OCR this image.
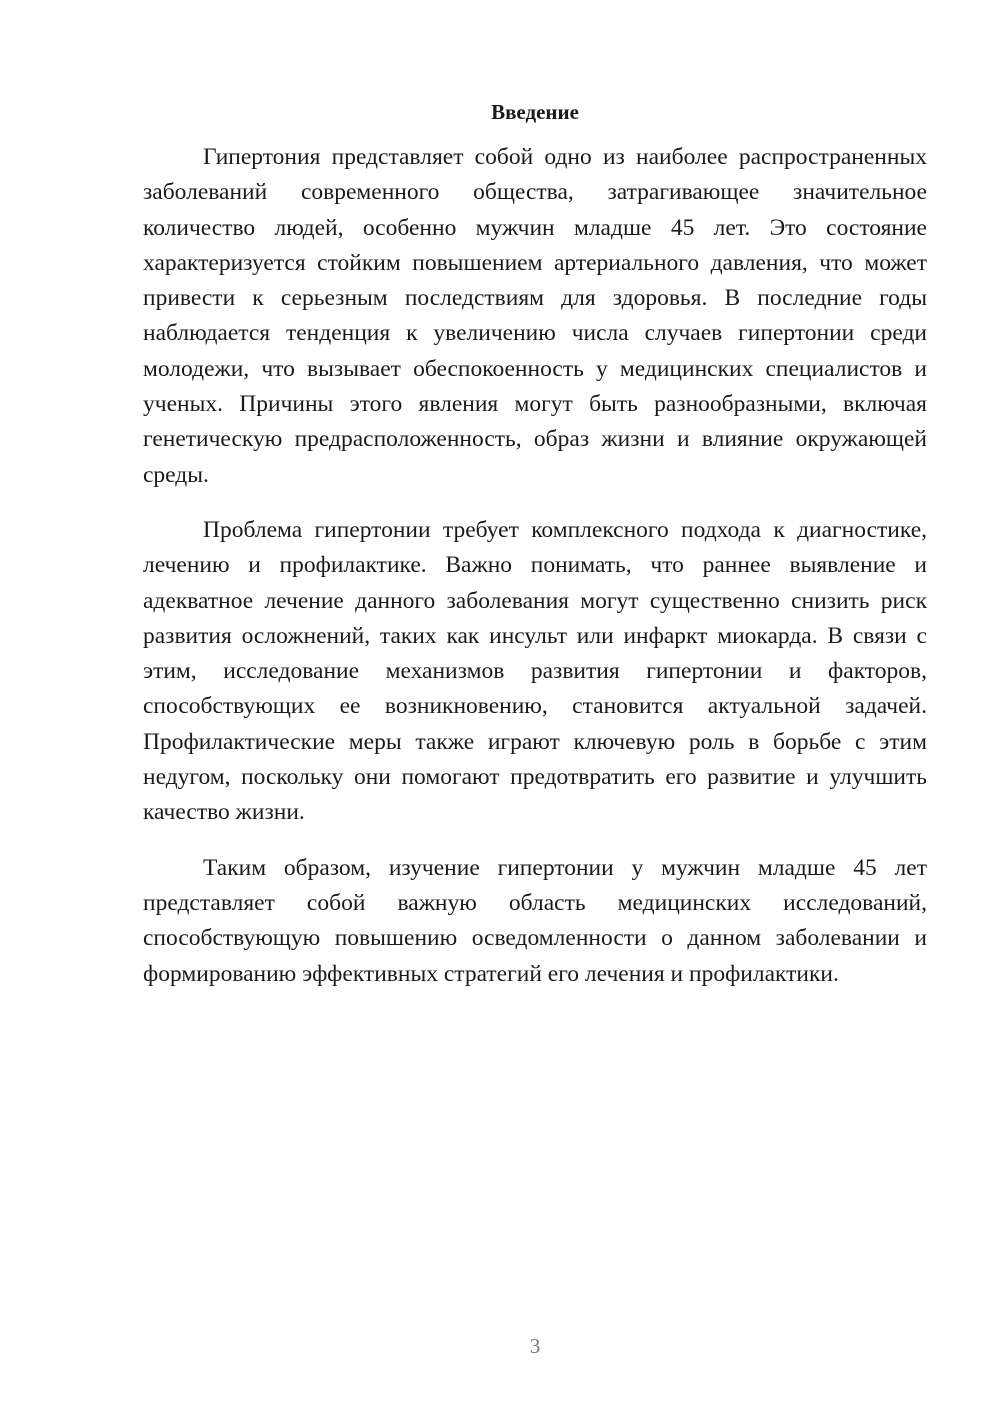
Введение

Гипертония представляет собой одно из наиболее распространенных заболеваний современного общества, затрагивающее значительное количество людей, особенно мужчин младше 45 лет. Это состояние характеризуется стойким повышением артериального давления, что может привести к серьезным последствиям для здоровья. В последние годы наблюдается тенденция к увеличению числа случаев гипертонии среди молодежи, что вызывает обеспокоенность у медицинских специалистов и ученых. Причины этого явления могут быть разнообразными, включая генетическую предрасположенность, образ жизни и влияние окружающей среды.

Проблема гипертонии требует комплексного подхода к диагностике, лечению и профилактике. Важно понимать, что раннее выявление и адекватное лечение данного заболевания могут существенно снизить риск развития осложнений, таких как инсульт или инфаркт миокарда. В связи с этим, исследование механизмов развития гипертонии и факторов, способствующих ее возникновению, становится актуальной задачей. Профилактические меры также играют ключевую роль в борьбе с этим недугом, поскольку они помогают предотвратить его развитие и улучшить качество жизни.

Таким образом, изучение гипертонии у мужчин младше 45 лет представляет собой важную область медицинских исследований, способствующую повышению осведомленности о данном заболевании и формированию эффективных стратегий его лечения и профилактики.

3
